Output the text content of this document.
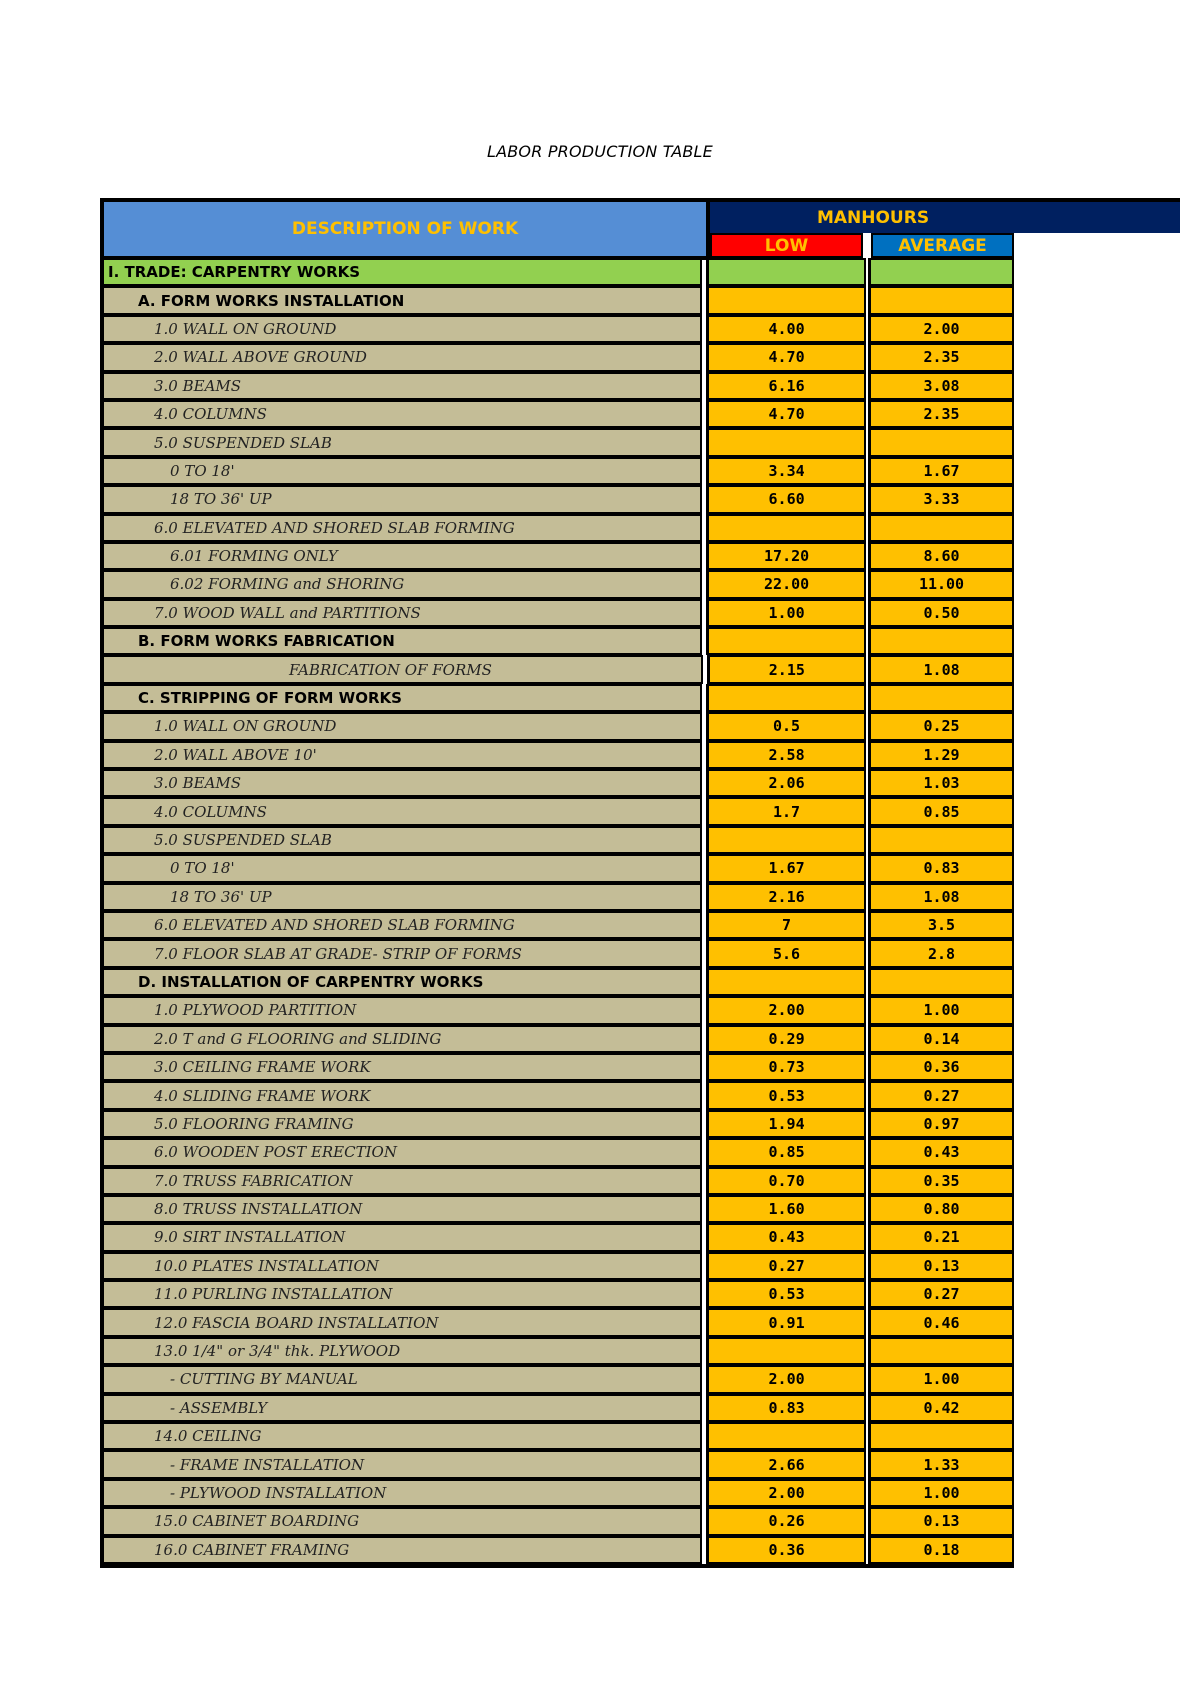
LABOR PRODUCTION TABLE
DESCRIPTION OF WORK
MANHOURS
LOW	AVERAGE
I. TRADE: CARPENTRY WORKS
A. FORM WORKS INSTALLATION
1.0 WALL ON GROUND	4.00	2.00
2.0 WALL ABOVE GROUND	4.70	2.35
3.0 BEAMS	6.16	3.08
4.0 COLUMNS	4.70	2.35
5.0 SUSPENDED SLAB
0 TO 18'	3.34	1.67
18 TO 36' UP	6.60	3.33
6.0 ELEVATED AND SHORED SLAB FORMING
6.01 FORMING ONLY	17.20	8.60
6.02 FORMING and SHORING	22.00	11.00
7.0 WOOD WALL and PARTITIONS	1.00	0.50
B. FORM WORKS FABRICATION
FABRICATION OF FORMS	2.15	1.08
C. STRIPPING OF FORM WORKS
1.0 WALL ON GROUND	0.5	0.25
2.0 WALL ABOVE 10'	2.58	1.29
3.0 BEAMS	2.06	1.03
4.0 COLUMNS	1.7	0.85
5.0 SUSPENDED SLAB
0 TO 18'	1.67	0.83
18 TO 36' UP	2.16	1.08
6.0 ELEVATED AND SHORED SLAB FORMING	7	3.5
7.0 FLOOR SLAB AT GRADE- STRIP OF FORMS	5.6	2.8
D. INSTALLATION OF CARPENTRY WORKS
1.0 PLYWOOD PARTITION	2.00	1.00
2.0 T and G FLOORING and SLIDING	0.29	0.14
3.0 CEILING FRAME WORK	0.73	0.36
4.0 SLIDING FRAME WORK	0.53	0.27
5.0 FLOORING FRAMING	1.94	0.97
6.0 WOODEN POST ERECTION	0.85	0.43
7.0 TRUSS FABRICATION	0.70	0.35
8.0 TRUSS INSTALLATION	1.60	0.80
9.0 SIRT INSTALLATION	0.43	0.21
10.0 PLATES INSTALLATION	0.27	0.13
11.0 PURLING INSTALLATION	0.53	0.27
12.0 FASCIA BOARD INSTALLATION	0.91	0.46
13.0 1/4" or 3/4" thk. PLYWOOD
- CUTTING BY MANUAL	2.00	1.00
- ASSEMBLY	0.83	0.42
14.0 CEILING
- FRAME INSTALLATION	2.66	1.33
- PLYWOOD INSTALLATION	2.00	1.00
15.0 CABINET BOARDING	0.26	0.13
16.0 CABINET FRAMING	0.36	0.18
